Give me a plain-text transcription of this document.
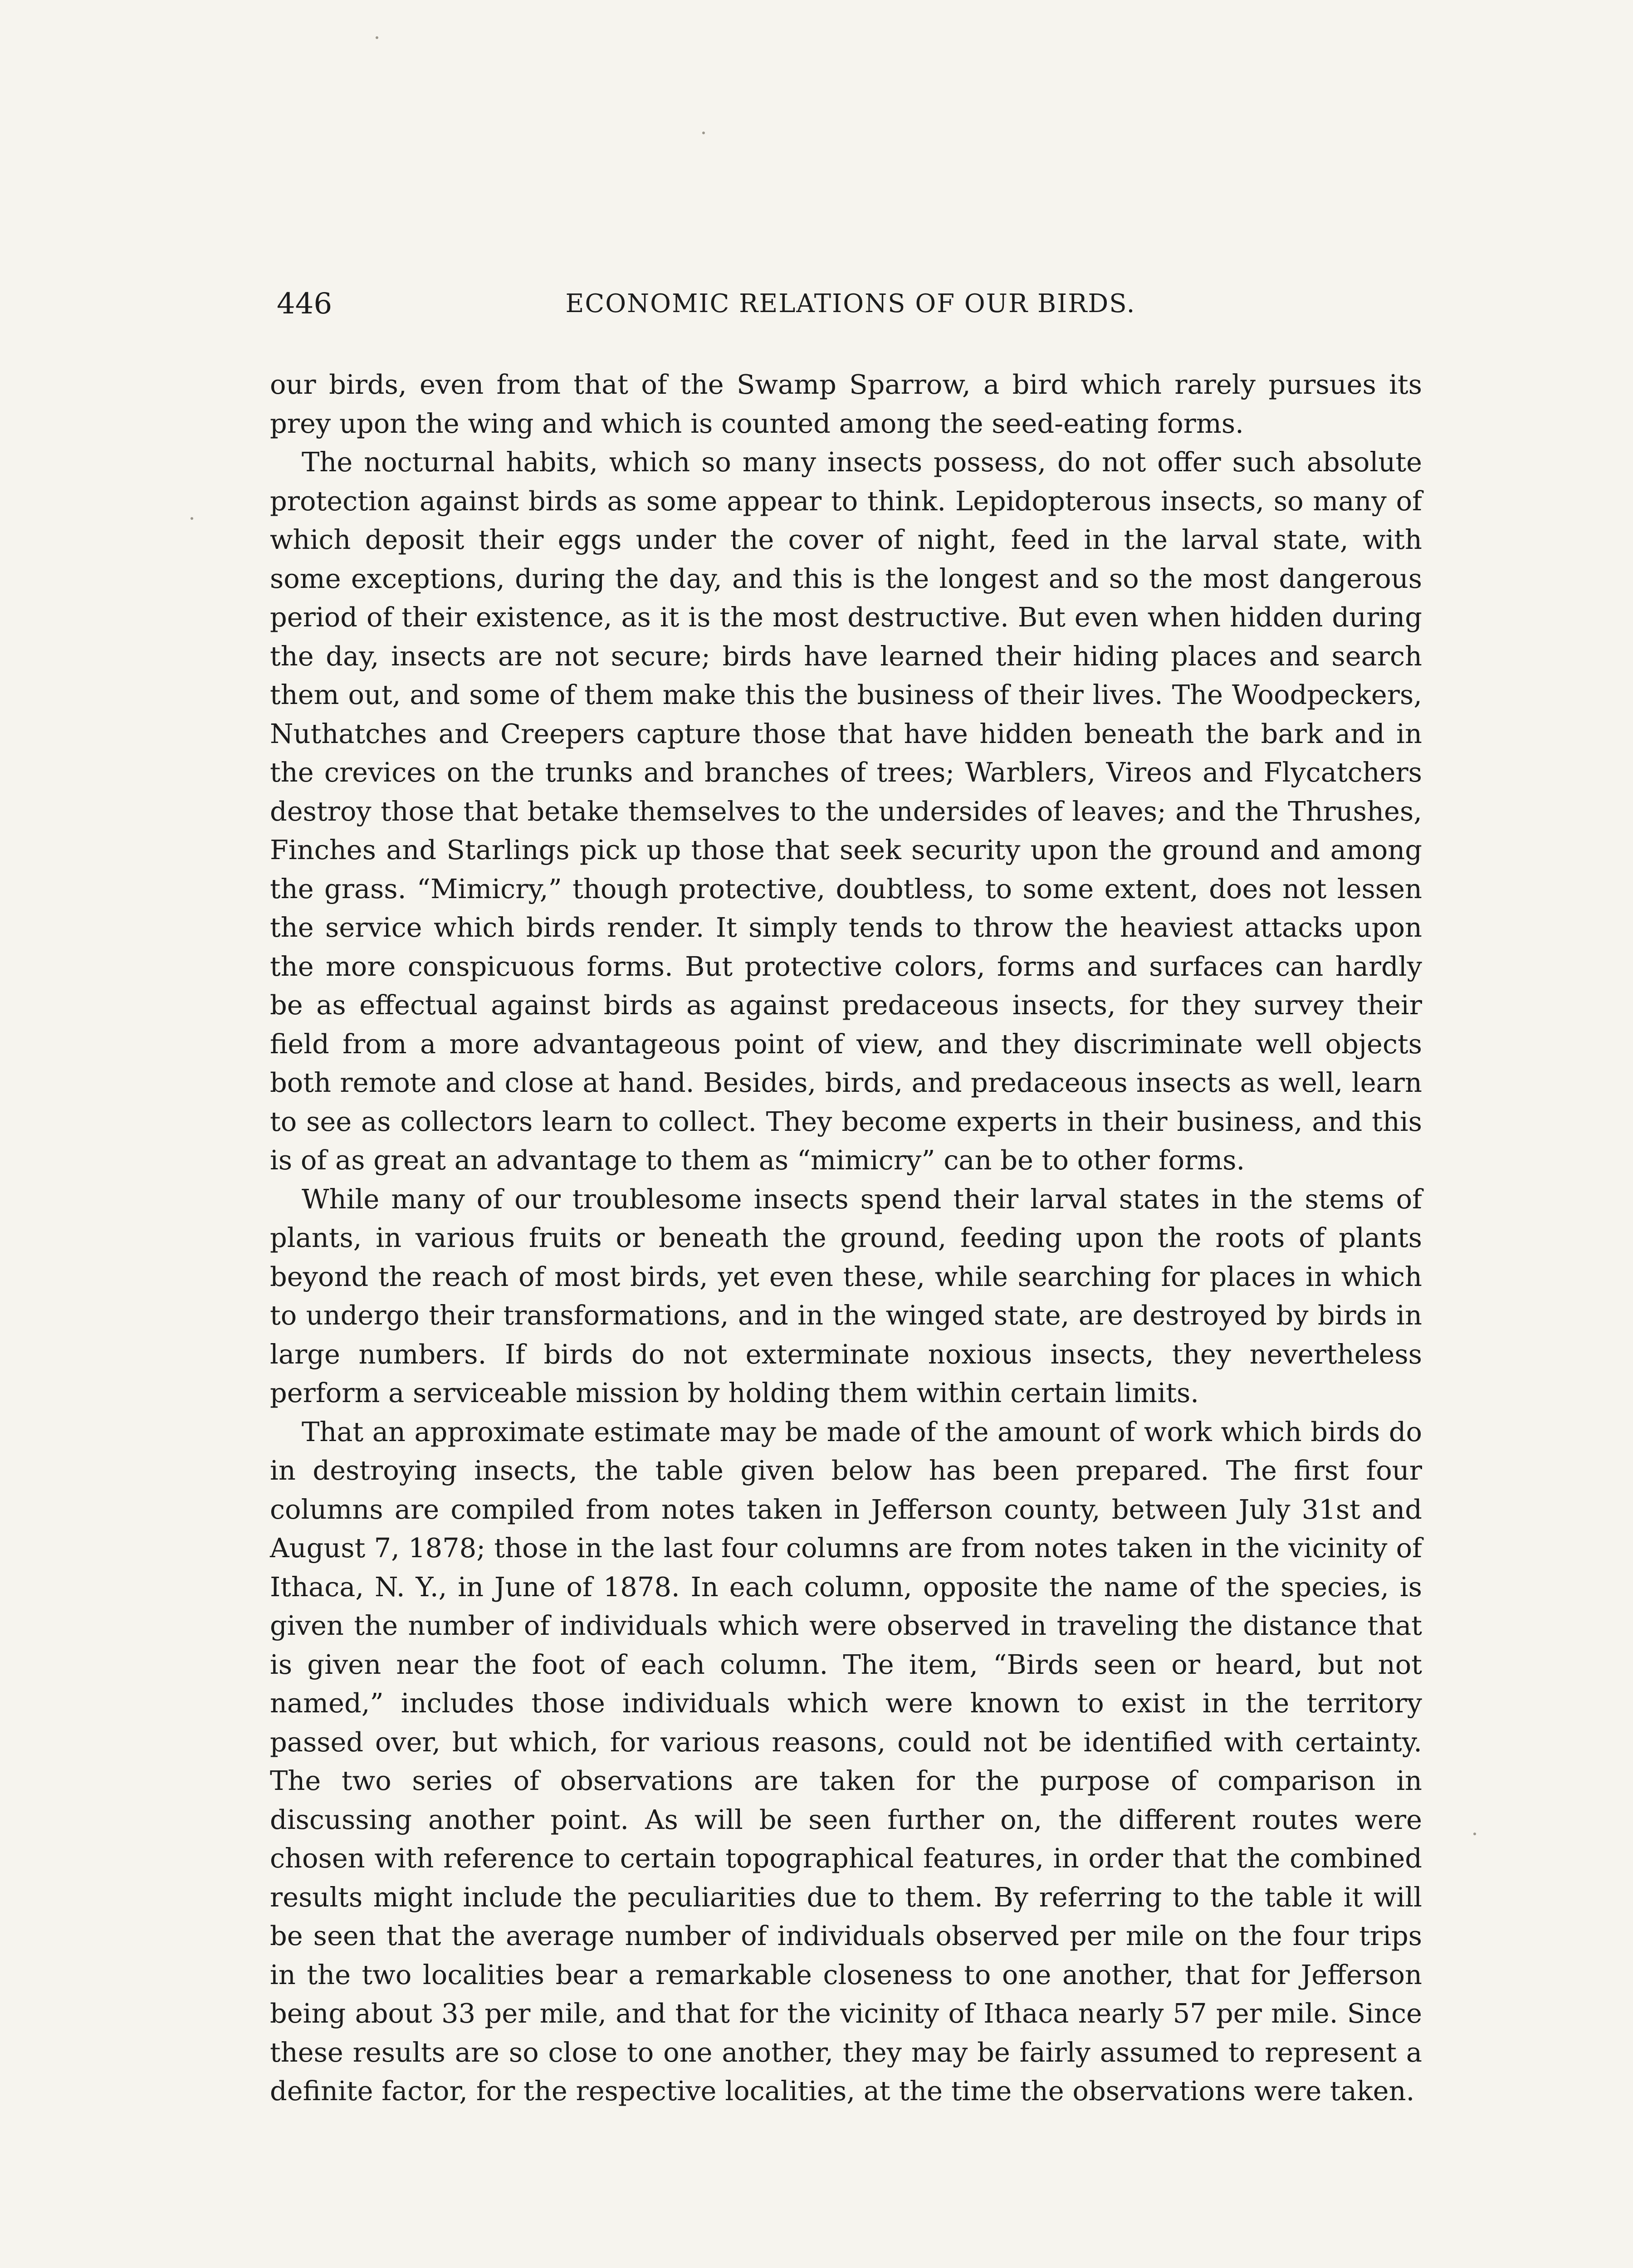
446	ECONOMIC RELATIONS OF OUR BIRDS.

our birds, even from that of the Swamp Sparrow, a bird which rarely pursues its prey upon the wing and which is counted among the seed-eating forms.

The nocturnal habits, which so many insects possess, do not offer such absolute protection against birds as some appear to think. Lepidopterous insects, so many of which deposit their eggs under the cover of night, feed in the larval state, with some exceptions, during the day, and this is the longest and so the most dangerous period of their existence, as it is the most destructive. But even when hidden during the day, insects are not secure; birds have learned their hiding places and search them out, and some of them make this the business of their lives. The Woodpeckers, Nuthatches and Creepers capture those that have hidden beneath the bark and in the crevices on the trunks and branches of trees; Warblers, Vireos and Flycatchers destroy those that betake themselves to the undersides of leaves; and the Thrushes, Finches and Starlings pick up those that seek security upon the ground and among the grass. “Mimicry,” though protective, doubtless, to some extent, does not lessen the service which birds render. It simply tends to throw the heaviest attacks upon the more conspicuous forms. But protective colors, forms and surfaces can hardly be as effectual against birds as against predaceous insects, for they survey their field from a more advantageous point of view, and they discriminate well objects both remote and close at hand. Besides, birds, and predaceous insects as well, learn to see as collectors learn to collect. They become experts in their business, and this is of as great an advantage to them as “mimicry” can be to other forms.

While many of our troublesome insects spend their larval states in the stems of plants, in various fruits or beneath the ground, feeding upon the roots of plants beyond the reach of most birds, yet even these, while searching for places in which to undergo their transformations, and in the winged state, are destroyed by birds in large numbers. If birds do not exterminate noxious insects, they nevertheless perform a serviceable mission by holding them within certain limits.

That an approximate estimate may be made of the amount of work which birds do in destroying insects, the table given below has been prepared. The first four columns are compiled from notes taken in Jefferson county, between July 31st and August 7, 1878; those in the last four columns are from notes taken in the vicinity of Ithaca, N. Y., in June of 1878. In each column, opposite the name of the species, is given the number of individuals which were observed in traveling the distance that is given near the foot of each column. The item, “Birds seen or heard, but not named,” includes those individuals which were known to exist in the territory passed over, but which, for various reasons, could not be identified with certainty. The two series of observations are taken for the purpose of comparison in discussing another point. As will be seen further on, the different routes were chosen with reference to certain topographical features, in order that the combined results might include the peculiarities due to them. By referring to the table it will be seen that the average number of individuals observed per mile on the four trips in the two localities bear a remarkable closeness to one another, that for Jefferson being about 33 per mile, and that for the vicinity of Ithaca nearly 57 per mile. Since these results are so close to one another, they may be fairly assumed to represent a definite factor, for the respective localities, at the time the observations were taken.
